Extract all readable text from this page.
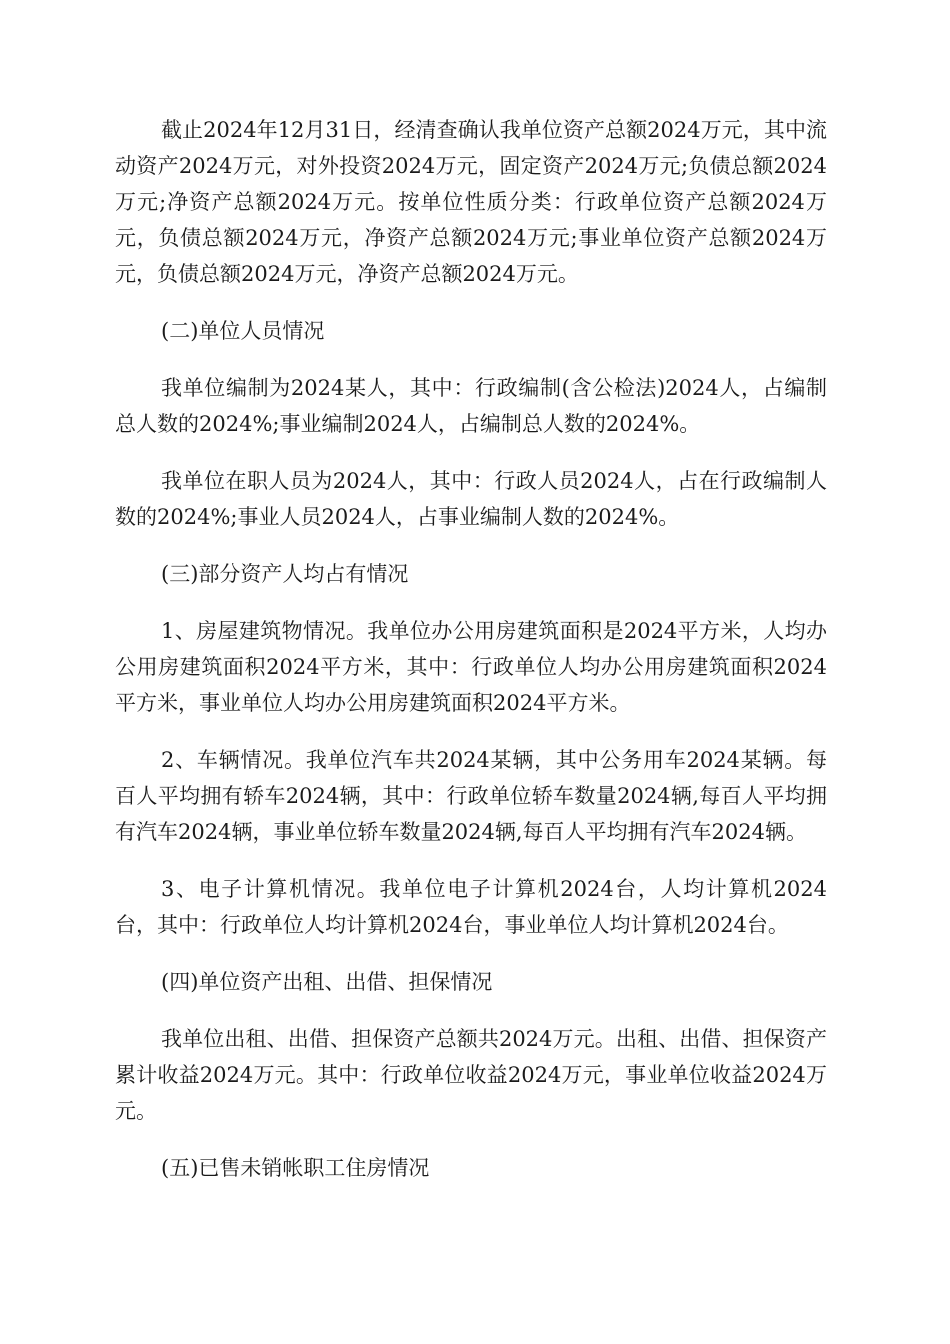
截止2024年12月31日，经清查确认我单位资产总额2024万元，其中流动资产2024万元，对外投资2024万元，固定资产2024万元;负债总额2024万元;净资产总额2024万元。按单位性质分类：行政单位资产总额2024万元，负债总额2024万元，净资产总额2024万元;事业单位资产总额2024万元，负债总额2024万元，净资产总额2024万元。

(二)单位人员情况

我单位编制为2024某人，其中：行政编制(含公检法)2024人，占编制总人数的2024%;事业编制2024人，占编制总人数的2024%。

我单位在职人员为2024人，其中：行政人员2024人，占在行政编制人数的2024%;事业人员2024人，占事业编制人数的2024%。

(三)部分资产人均占有情况

1、房屋建筑物情况。我单位办公用房建筑面积是2024平方米，人均办公用房建筑面积2024平方米，其中：行政单位人均办公用房建筑面积2024平方米，事业单位人均办公用房建筑面积2024平方米。

2、车辆情况。我单位汽车共2024某辆，其中公务用车2024某辆。每百人平均拥有轿车2024辆，其中：行政单位轿车数量2024辆,每百人平均拥有汽车2024辆，事业单位轿车数量2024辆,每百人平均拥有汽车2024辆。

3、电子计算机情况。我单位电子计算机2024台，人均计算机2024台，其中：行政单位人均计算机2024台，事业单位人均计算机2024台。

(四)单位资产出租、出借、担保情况

我单位出租、出借、担保资产总额共2024万元。出租、出借、担保资产累计收益2024万元。其中：行政单位收益2024万元，事业单位收益2024万元。

(五)已售未销帐职工住房情况
